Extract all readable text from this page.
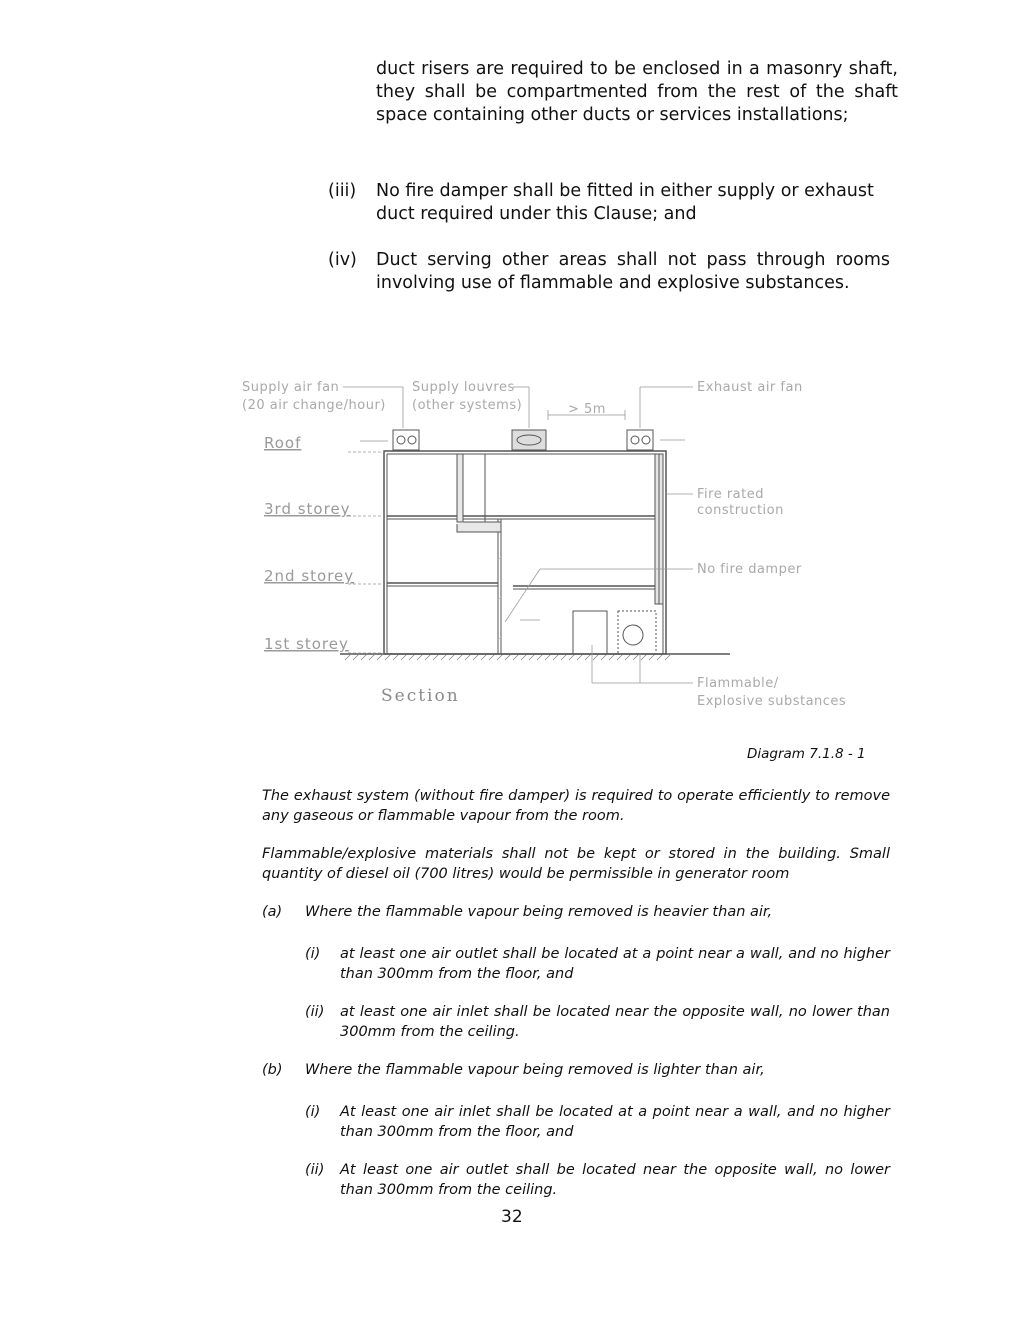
duct risers are required to be enclosed in a masonry shaft, they shall be compartmented from the rest of the shaft space containing other ducts or services installations;
(iii) No fire damper shall be fitted in either supply or exhaust duct required under this Clause; and
(iv) Duct serving other areas shall not pass through rooms involving use of flammable and explosive substances.
Supply air fan
(20 air change/hour)
Supply louvres
(other systems)	> 5m
Exhaust air fan
Fire rated
construction
No fire damper
Flammable/
Explosive substances
Roof
3rd storey
2nd storey
1st storey
Section
Diagram 7.1.8 - 1
The exhaust system (without fire damper) is required to operate efficiently to remove any gaseous or flammable vapour from the room.
Flammable/explosive materials shall not be kept or stored in the building. Small quantity of diesel oil (700 litres) would be permissible in generator room
(a) Where the flammable vapour being removed is heavier than air,
(i) at least one air outlet shall be located at a point near a wall, and no higher than 300mm from the floor, and
(ii) at least one air inlet shall be located near the opposite wall, no lower than 300mm from the ceiling.
(b) Where the flammable vapour being removed is lighter than air,
(i) At least one air inlet shall be located at a point near a wall, and no higher than 300mm from the floor, and
(ii) At least one air outlet shall be located near the opposite wall, no lower than 300mm from the ceiling.
32
